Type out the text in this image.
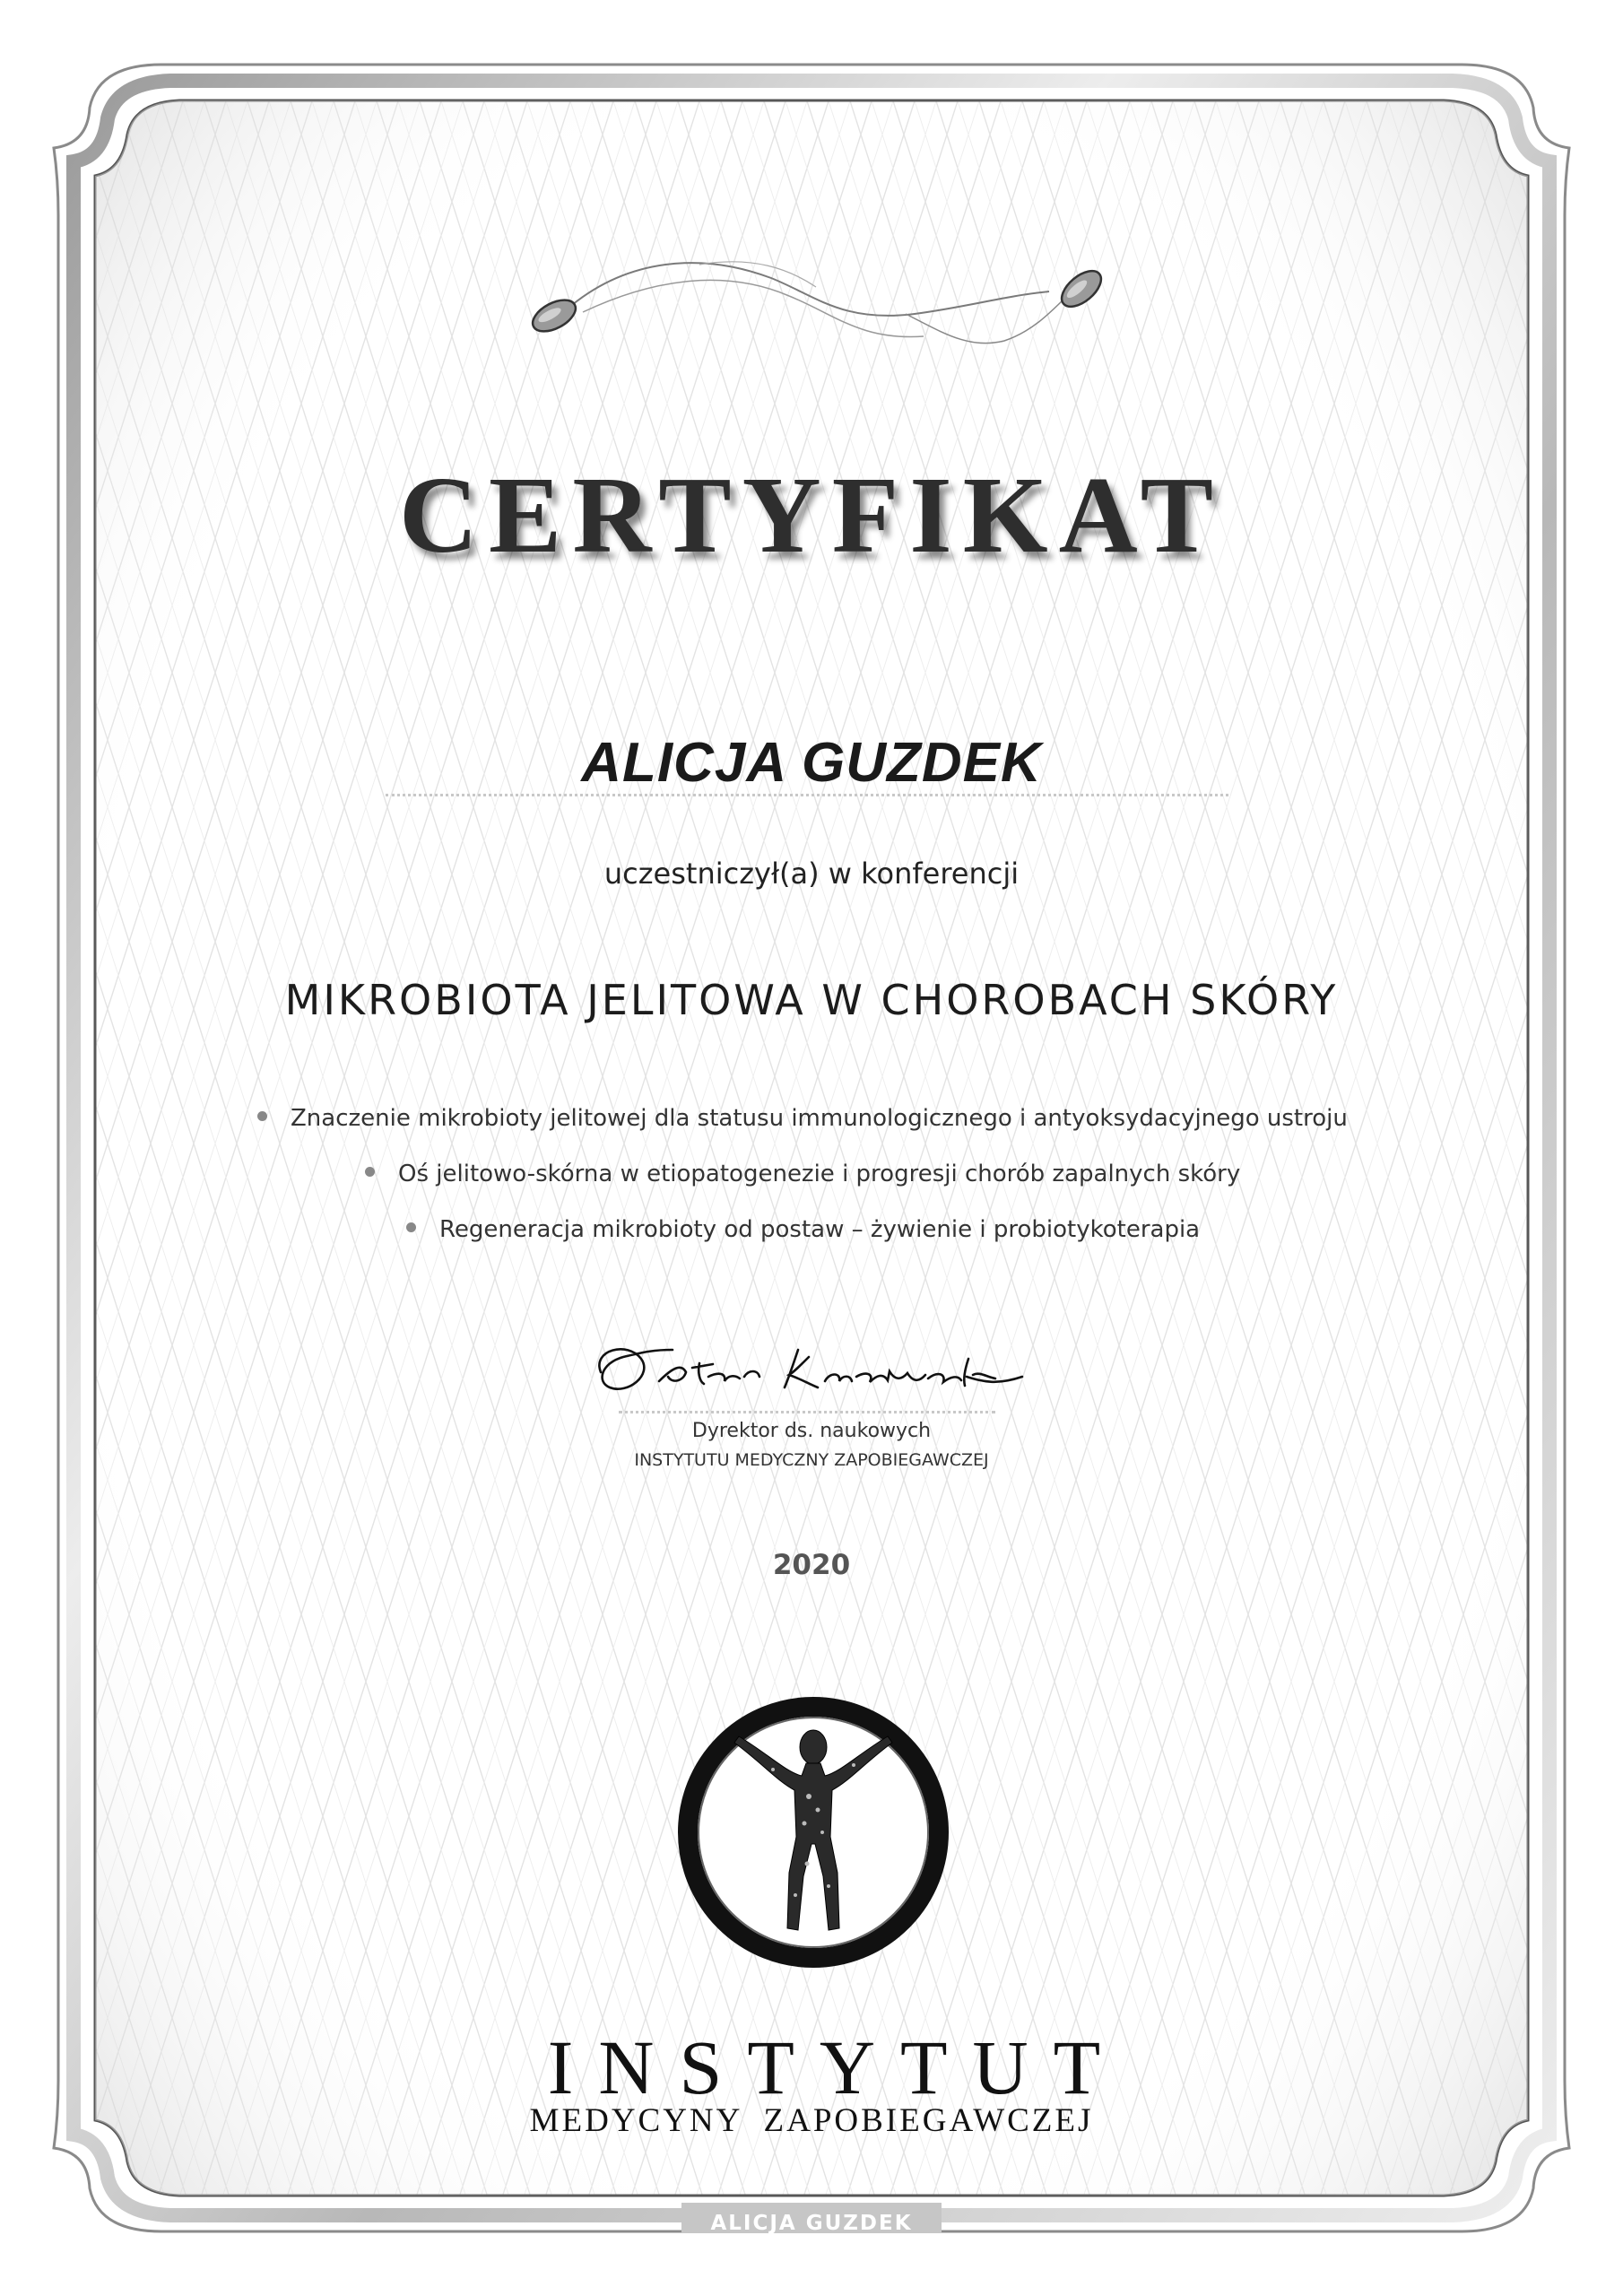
CERTYFIKAT
ALICJA GUZDEK
uczestniczył(a) w konferencji
MIKROBIOTA JELITOWA W CHOROBACH SKÓRY
Znaczenie mikrobioty jelitowej dla statusu immunologicznego i antyoksydacyjnego ustroju
Oś jelitowo-skórna w etiopatogenezie i progresji chorób zapalnych skóry
Regeneracja mikrobioty od postaw – żywienie i probiotykoterapia
Dyrektor ds. naukowych
INSTYTUTU MEDYCZNY ZAPOBIEGAWCZEJ
2020
INSTYTUT
MEDYCYNY  ZAPOBIEGAWCZEJ
ALICJA GUZDEK
